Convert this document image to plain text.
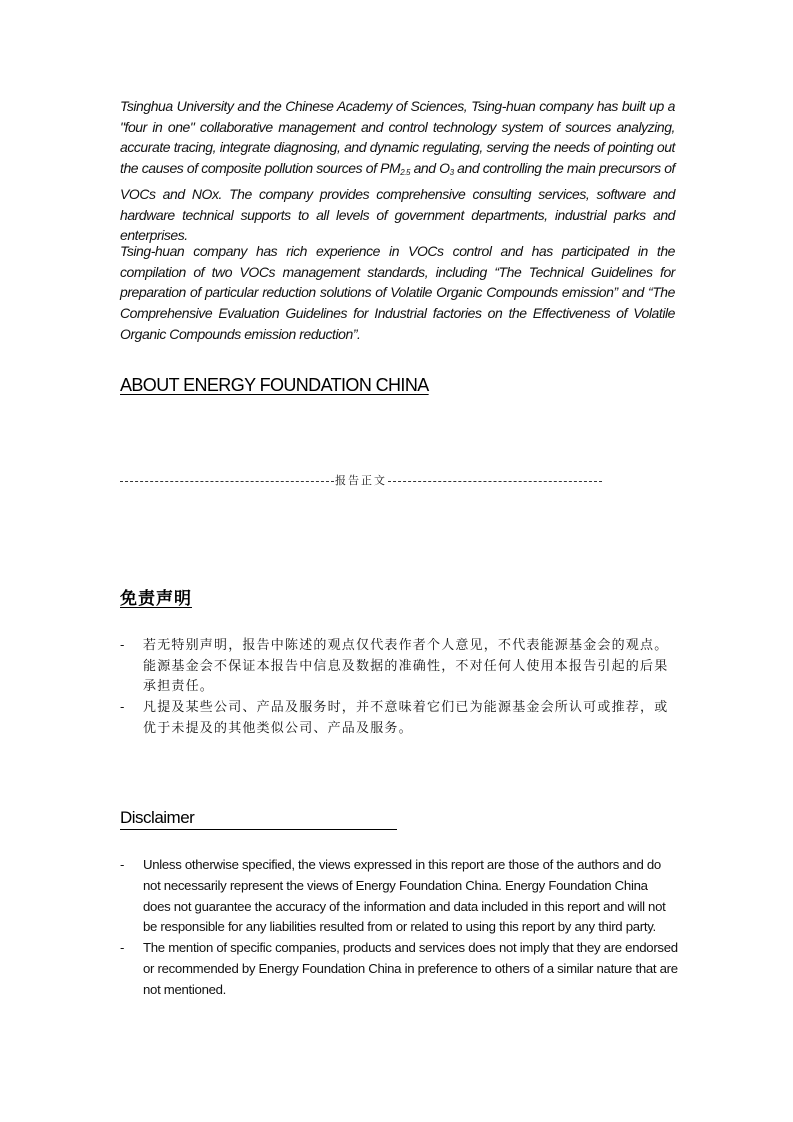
Tsinghua University and the Chinese Academy of Sciences, Tsing-huan company has built up a "four in one" collaborative management and control technology system of sources analyzing, accurate tracing, integrate diagnosing, and dynamic regulating, serving the needs of pointing out the causes of composite pollution sources of $PM_{2.5}$ and $O_3$ and controlling the main precursors of VOCs and NOx. The company provides comprehensive consulting services, software and hardware technical supports to all levels of government departments, industrial parks and enterprises.
Tsing-huan company has rich experience in VOCs control and has participated in the compilation of two VOCs management standards, including “The Technical Guidelines for preparation of particular reduction solutions of Volatile Organic Compounds emission” and “The Comprehensive Evaluation Guidelines for Industrial factories on the Effectiveness of Volatile Organic Compounds emission reduction”.
ABOUT ENERGY FOUNDATION CHINA
报告正文
免责声明
- 若无特别声明，报告中陈述的观点仅代表作者个人意见，不代表能源基金会的观点。能源基金会不保证本报告中信息及数据的准确性，不对任何人使用本报告引起的后果承担责任。
- 凡提及某些公司、产品及服务时，并不意味着它们已为能源基金会所认可或推荐，或优于未提及的其他类似公司、产品及服务。
Disclaimer
- Unless otherwise specified, the views expressed in this report are those of the authors and do not necessarily represent the views of Energy Foundation China. Energy Foundation China does not guarantee the accuracy of the information and data included in this report and will not be responsible for any liabilities resulted from or related to using this report by any third party.
- The mention of specific companies, products and services does not imply that they are endorsed or recommended by Energy Foundation China in preference to others of a similar nature that are not mentioned.
